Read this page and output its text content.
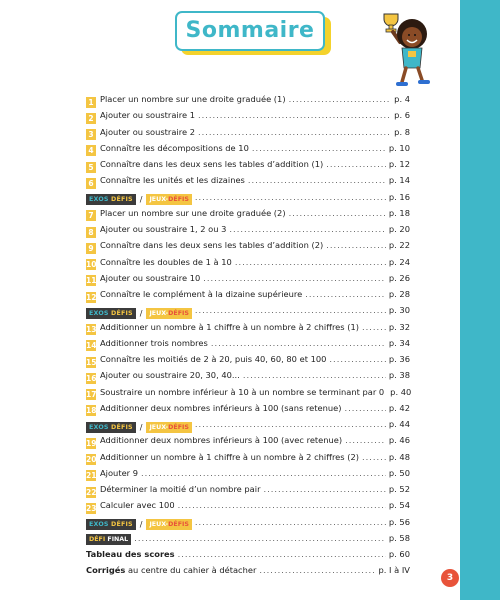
Sommaire
1 Placer un nombre sur une droite graduée (1) .....	p. 4
2 Ajouter ou soustraire 1 .....	p. 6
3 Ajouter ou soustraire 2 .....	p. 8
4 Connaître les décompositions de 10 .....	p. 10
5 Connaître dans les deux sens les tables d’addition (1) .....	p. 12
6 Connaître les unités et les dizaines .....	p. 14
EXOS DÉFIS /	JEUX-DÉFIS .....	p. 16
7 Placer un nombre sur une droite graduée (2) .....	p. 18
8 Ajouter ou soustraire 1, 2 ou 3 .....	p. 20
9 Connaître dans les deux sens les tables d’addition (2) .....	p. 22
10 Connaître les doubles de 1 à 10 .....	p. 24
11 Ajouter ou soustraire 10 .....	p. 26
12 Connaître le complément à la dizaine supérieure .....	p. 28
EXOS DÉFIS /	JEUX-DÉFIS .....	p. 30
13 Additionner un nombre à 1 chiffre à un nombre à 2 chiffres (1) .....	p. 32
14 Additionner trois nombres .....	p. 34
15 Connaître les moitiés de 2 à 20, puis 40, 60, 80 et 100 .....	p. 36
16 Ajouter ou soustraire 20, 30, 40... .....	p. 38
17 Soustraire un nombre inférieur à 10 à un nombre se terminant par 0 p. 40
18 Additionner deux nombres inférieurs à 100 (sans retenue) .....	p. 42
EXOS DÉFIS /	JEUX-DÉFIS .....	p. 44
19 Additionner deux nombres inférieurs à 100 (avec retenue) .....	p. 46
20 Additionner un nombre à 1 chiffre à un nombre à 2 chiffres (2) .....	p. 48
21 Ajouter 9 .....	p. 50
22 Déterminer la moitié d’un nombre pair .....	p. 52
23 Calculer avec 100 .....	p. 54
EXOS DÉFIS /	JEUX-DÉFIS .....	p. 56
DÉFI FINAL .....	p. 58
Tableau des scores .....	p. 60
Corrigés au centre du cahier à détacher .....	p. I à IV
3
